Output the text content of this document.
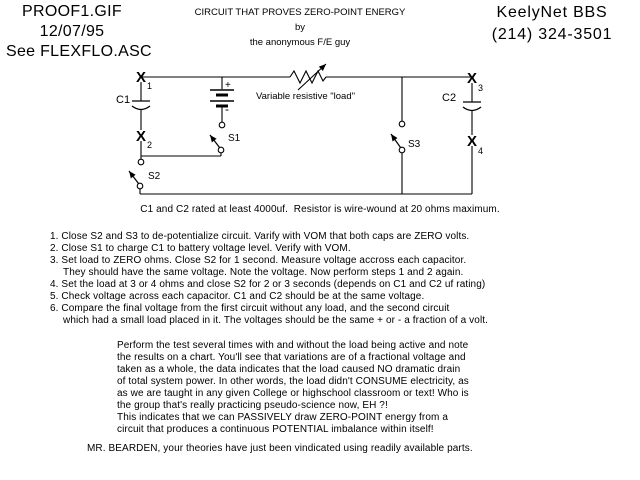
PROOF1.GIF
12/07/95
See FLEXFLO.ASC
CIRCUIT THAT PROVES ZERO-POINT ENERGY
by
the anonymous F/E guy
KeelyNet BBS
(214) 324-3501
Variable resistive "load"
+
-
C1	C2
S1
S2
S3
X 1
X 2
X
3
X
4
C1 and C2 rated at least 4000uf.  Resistor is wire-wound at 20 ohms maximum.
1. Close S2 and S3 to de-potentialize circuit. Varify with VOM that both caps are ZERO volts.
2. Close S1 to charge C1 to battery voltage level. Verify with VOM.
3. Set load to ZERO ohms. Close S2 for 1 second. Measure voltage accross each capacitor.
They should have the same voltage. Note the voltage. Now perform steps 1 and 2 again.
4. Set the load at 3 or 4 ohms and close S2 for 2 or 3 seconds (depends on C1 and C2 uf rating)
5. Check voltage across each capacitor. C1 and C2 should be at the same voltage.
6. Compare the final voltage from the first circuit without any load, and the second circuit
which had a small load placed in it. The voltages should be the same + or - a fraction of a volt.
Perform the test several times with and without the load being active and note
the results on a chart. You'll see that variations are of a fractional voltage and
taken as a whole, the data indicates that the load caused NO dramatic drain
of total system power. In other words, the load didn't CONSUME electricity, as
as we are taught in any given College or highschool classroom or text! Who is
the group that's really practicing pseudo-science now, EH ?!
This indicates that we can PASSIVELY draw ZERO-POINT energy from a
circuit that produces a continuous POTENTIAL imbalance within itself!
MR. BEARDEN, your theories have just been vindicated using readily available parts.
